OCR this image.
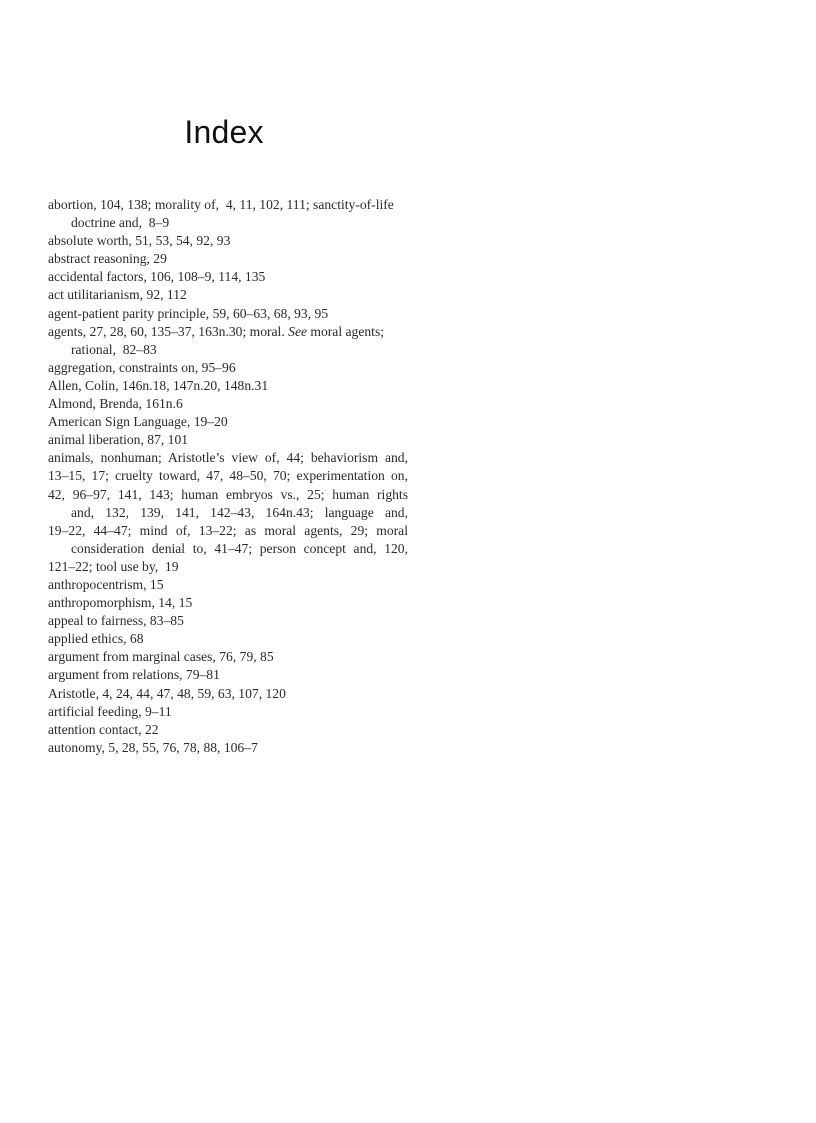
Index
abortion, 104, 138; morality of,  4, 11, 102, 111; sanctity-of-life
doctrine and,  8–9
absolute worth, 51, 53, 54, 92, 93
abstract reasoning, 29
accidental factors, 106, 108–9, 114, 135
act utilitarianism, 92, 112
agent-patient parity principle, 59, 60–63, 68, 93, 95
agents, 27, 28, 60, 135–37, 163n.30; moral. See moral agents;
rational,  82–83
aggregation, constraints on, 95–96
Allen, Colin, 146n.18, 147n.20, 148n.31
Almond, Brenda, 161n.6
American Sign Language, 19–20
animal liberation, 87, 101
animals, nonhuman; Aristotle’s view of, 44; behaviorism and,
13–15, 17; cruelty toward, 47, 48–50, 70; experimentation on,
42, 96–97, 141, 143; human embryos vs., 25; human rights
and, 132, 139, 141, 142–43, 164n.43; language and,
19–22, 44–47; mind of, 13–22; as moral agents, 29; moral
consideration denial to, 41–47; person concept and, 120,
121–22; tool use by,  19
anthropocentrism, 15
anthropomorphism, 14, 15
appeal to fairness, 83–85
applied ethics, 68
argument from marginal cases, 76, 79, 85
argument from relations, 79–81
Aristotle, 4, 24, 44, 47, 48, 59, 63, 107, 120
artificial feeding, 9–11
attention contact, 22
autonomy, 5, 28, 55, 76, 78, 88, 106–7
